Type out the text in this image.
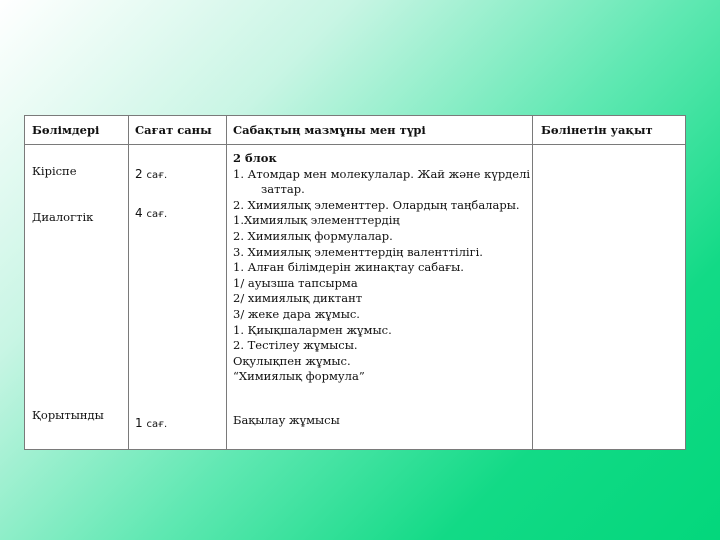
Бөлімдері	Сағат саны Сабақтың мазмұны мен түрі	Бөлінетін уақыт
Кіріспе
Диалогтік
Қорытынды
2 сағ.
4 сағ.
1 сағ.
2 блок
1. Атомдар мен молекулалар. Жай және күрделі
заттар.
2. Химиялық элементтер. Олардың таңбалары.
1.Химиялық элементтердің
2. Химиялық формулалар.
3. Химиялық элементтердің валенттілігі.
1. Алған білімдерін жинақтау сабағы.
1/ ауызша тапсырма
2/ химиялық диктант
3/ жеке дара жұмыс.
1. Қиықшалармен жұмыс.
2. Тестілеу жұмысы.
Оқулықпен жұмыс.
“Химиялық формула”
Бақылау жұмысы
